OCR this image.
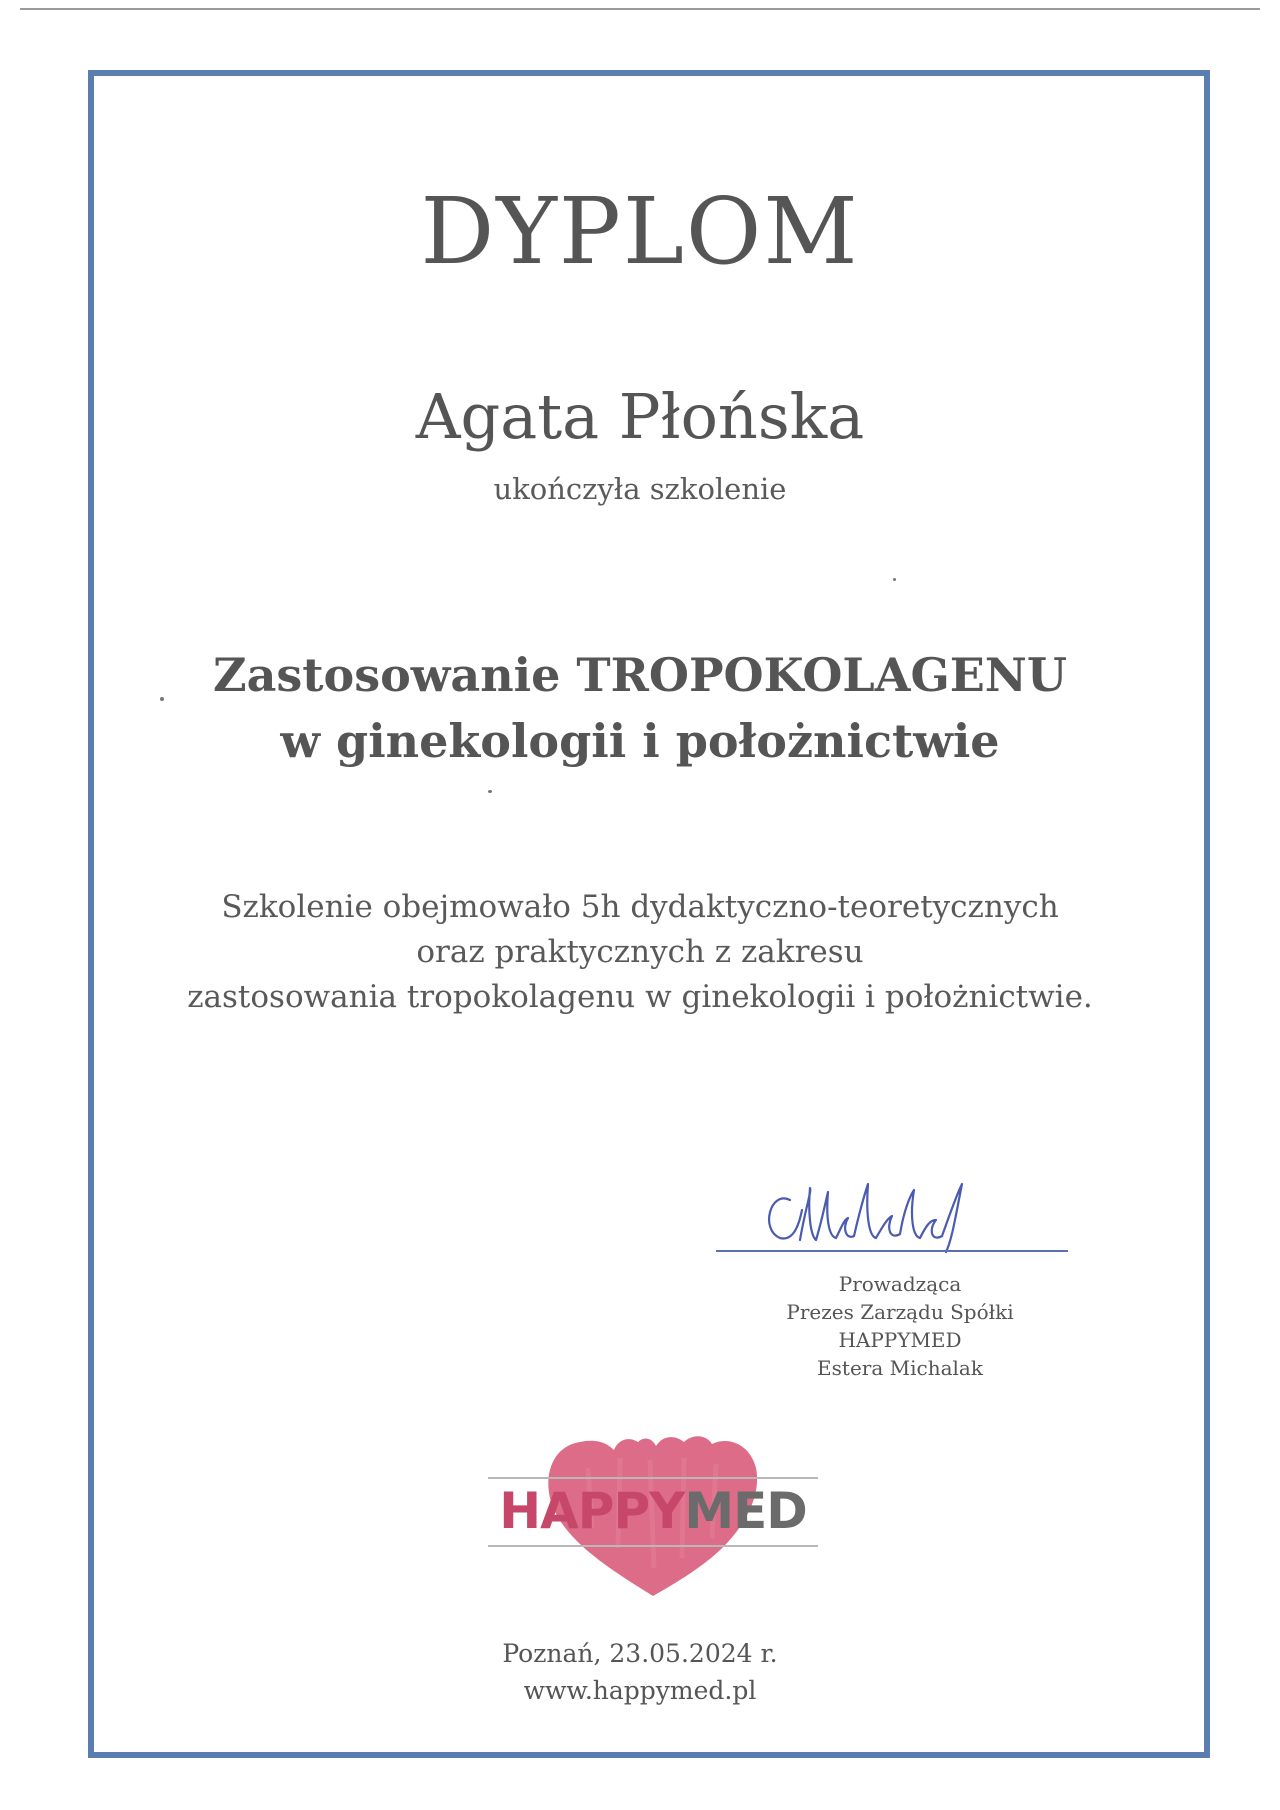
DYPLOM
Agata Płońska
ukończyła szkolenie
Zastosowanie TROPOKOLAGENU
w ginekologii i położnictwie
Szkolenie obejmowało 5h dydaktyczno-teoretycznych
oraz praktycznych z zakresu
zastosowania tropokolagenu w ginekologii i położnictwie.
Prowadząca
Prezes Zarządu Spółki
HAPPYMED
Estera Michalak
HAPPYMED
Poznań, 23.05.2024 r.
www.happymed.pl
